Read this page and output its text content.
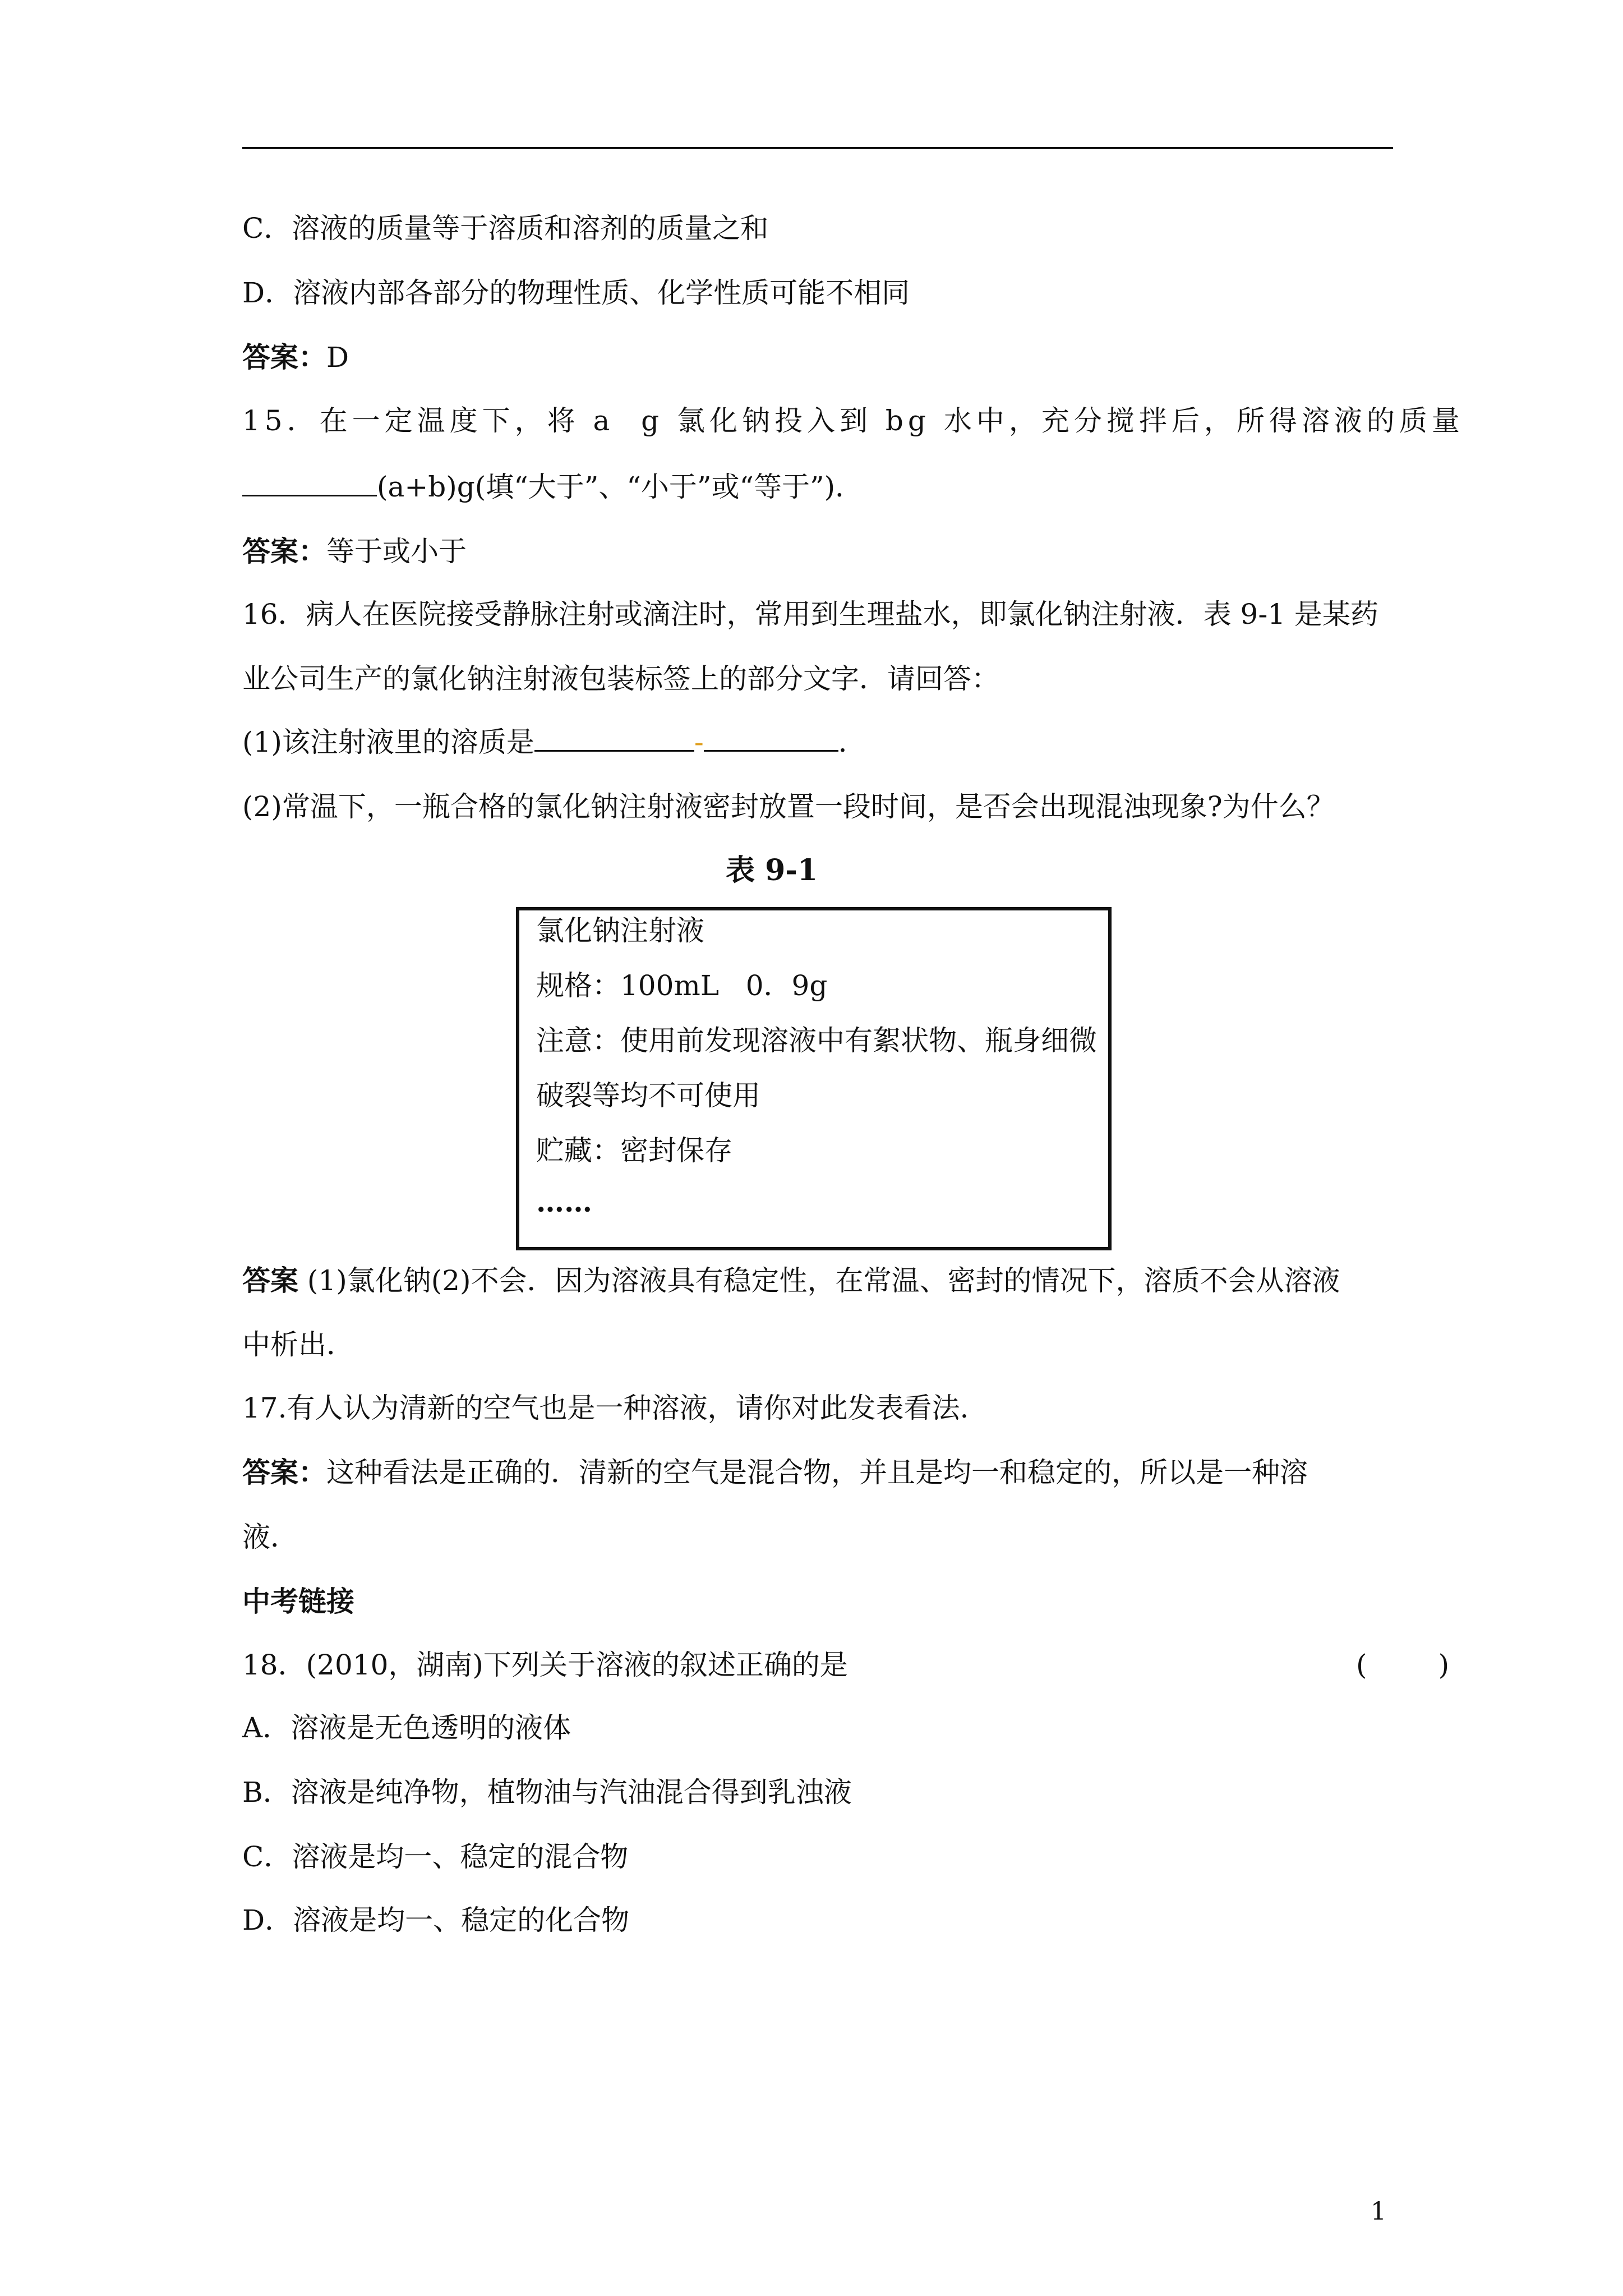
C．溶液的质量等于溶质和溶剂的质量之和
D．溶液内部各部分的物理性质、化学性质可能不相同
答案：D
15．在一定温度下，将 a  g 氯化钠投入到 bg 水中，充分搅拌后，所得溶液的质量
(a+b)g(填“大于”、“小于”或“等于”)．
答案：等于或小于
16．病人在医院接受静脉注射或滴注时，常用到生理盐水，即氯化钠注射液．表 9-1 是某药
业公司生产的氯化钠注射液包装标签上的部分文字．请回答：
(1)该注射液里的溶质是	-	．
(2)常温下，一瓶合格的氯化钠注射液密封放置一段时间，是否会出现混浊现象?为什么？
表 9-1
氯化钠注射液
规格：100mL   0．9g
注意：使用前发现溶液中有絮状物、瓶身细微
破裂等均不可使用
贮藏：密封保存
……
答案 (1)氯化钠(2)不会．因为溶液具有稳定性，在常温、密封的情况下，溶质不会从溶液
中析出．
17.有人认为清新的空气也是一种溶液，请你对此发表看法.
答案：这种看法是正确的．清新的空气是混合物，并且是均一和稳定的，所以是一种溶
液．
中考链接
18．(2010，湖南)下列关于溶液的叙述正确的是	(        )
A．溶液是无色透明的液体
B．溶液是纯净物，植物油与汽油混合得到乳浊液
C．溶液是均一、稳定的混合物
D．溶液是均一、稳定的化合物
1
